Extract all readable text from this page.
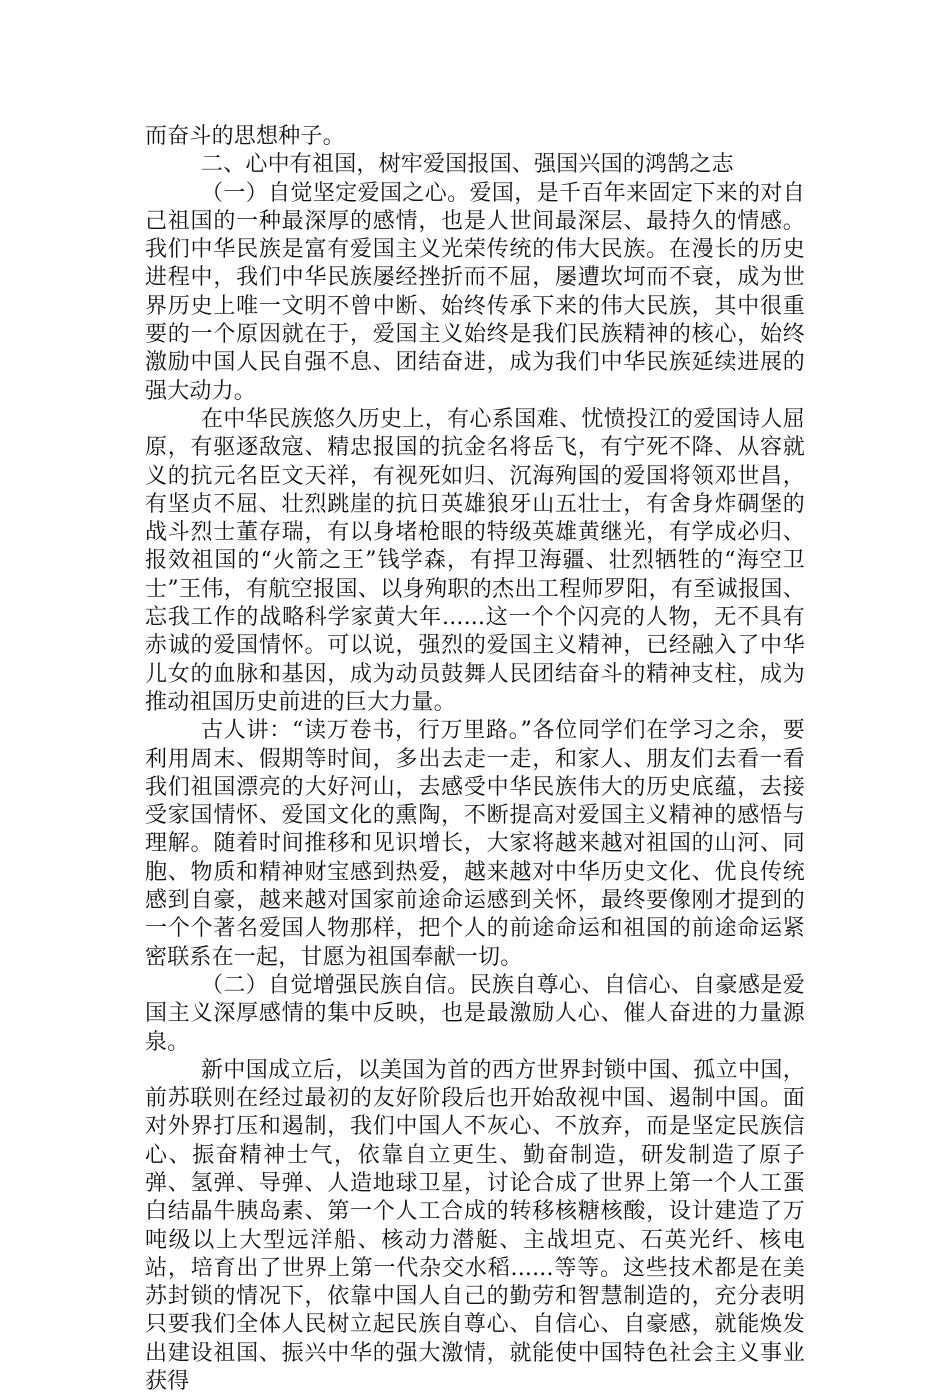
而奋斗的思想种子。

二、心中有祖国，树牢爱国报国、强国兴国的鸿鹄之志

（一）自觉坚定爱国之心。爱国，是千百年来固定下来的对自己祖国的一种最深厚的感情，也是人世间最深层、最持久的情感。我们中华民族是富有爱国主义光荣传统的伟大民族。在漫长的历史进程中，我们中华民族屡经挫折而不屈，屡遭坎坷而不衰，成为世界历史上唯一文明不曾中断、始终传承下来的伟大民族，其中很重要的一个原因就在于，爱国主义始终是我们民族精神的核心，始终激励中国人民自强不息、团结奋进，成为我们中华民族延续进展的强大动力。

在中华民族悠久历史上，有心系国难、忧愤投江的爱国诗人屈原，有驱逐敌寇、精忠报国的抗金名将岳飞，有宁死不降、从容就义的抗元名臣文天祥，有视死如归、沉海殉国的爱国将领邓世昌，有坚贞不屈、壮烈跳崖的抗日英雄狼牙山五壮士，有舍身炸碉堡的战斗烈士董存瑞，有以身堵枪眼的特级英雄黄继光，有学成必归、报效祖国的“火箭之王”钱学森，有捍卫海疆、壮烈牺牲的“海空卫士”王伟，有航空报国、以身殉职的杰出工程师罗阳，有至诚报国、忘我工作的战略科学家黄大年......这一个个闪亮的人物，无不具有赤诚的爱国情怀。可以说，强烈的爱国主义精神，已经融入了中华儿女的血脉和基因，成为动员鼓舞人民团结奋斗的精神支柱，成为推动祖国历史前进的巨大力量。

古人讲：“读万卷书，行万里路。”各位同学们在学习之余，要利用周末、假期等时间，多出去走一走，和家人、朋友们去看一看我们祖国漂亮的大好河山，去感受中华民族伟大的历史底蕴，去接受家国情怀、爱国文化的熏陶，不断提高对爱国主义精神的感悟与理解。随着时间推移和见识增长，大家将越来越对祖国的山河、同胞、物质和精神财宝感到热爱，越来越对中华历史文化、优良传统感到自豪，越来越对国家前途命运感到关怀，最终要像刚才提到的一个个著名爱国人物那样，把个人的前途命运和祖国的前途命运紧密联系在一起，甘愿为祖国奉献一切。

（二）自觉增强民族自信。民族自尊心、自信心、自豪感是爱国主义深厚感情的集中反映，也是最激励人心、催人奋进的力量源泉。

新中国成立后，以美国为首的西方世界封锁中国、孤立中国，前苏联则在经过最初的友好阶段后也开始敌视中国、遏制中国。面对外界打压和遏制，我们中国人不灰心、不放弃，而是坚定民族信心、振奋精神士气，依靠自立更生、勤奋制造，研发制造了原子弹、氢弹、导弹、人造地球卫星，讨论合成了世界上第一个人工蛋白结晶牛胰岛素、第一个人工合成的转移核糖核酸，设计建造了万吨级以上大型远洋船、核动力潜艇、主战坦克、石英光纤、核电站，培育出了世界上第一代杂交水稻......等等。这些技术都是在美苏封锁的情况下，依靠中国人自己的勤劳和智慧制造的，充分表明只要我们全体人民树立起民族自尊心、自信心、自豪感，就能焕发出建设祖国、振兴中华的强大激情，就能使中国特色社会主义事业获得
